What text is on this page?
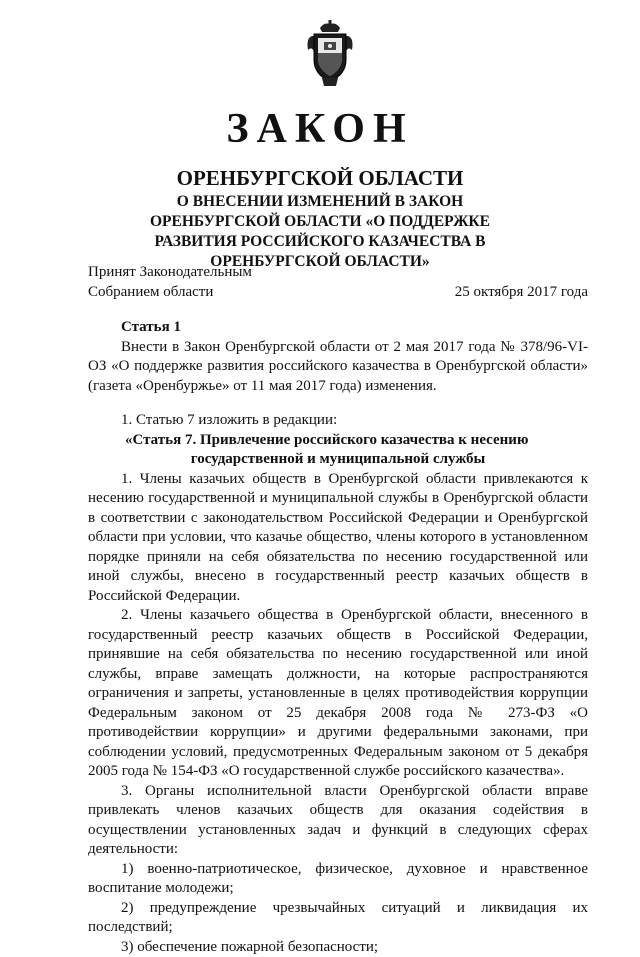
ЗАКОН
ОРЕНБУРГСКОЙ ОБЛАСТИ
О ВНЕСЕНИИ ИЗМЕНЕНИЙ В ЗАКОН ОРЕНБУРГСКОЙ ОБЛАСТИ «О ПОДДЕРЖКЕ РАЗВИТИЯ РОССИЙСКОГО КАЗАЧЕСТВА В ОРЕНБУРГСКОЙ ОБЛАСТИ»
Принят Законодательным
Собранием области	25 октября 2017 года

Статья 1

Внести в Закон Оренбургской области от 2 мая 2017 года № 378/96-VI-ОЗ «О поддержке развития российского казачества в Оренбургской области» (газета «Оренбуржье» от 11 мая 2017 года) изменения.

1. Статью 7 изложить в редакции:

«Статья 7. Привлечение российского казачества к несению

государственной и муниципальной службы

1. Члены казачьих обществ в Оренбургской области привлекаются к несению государственной и муниципальной службы в Оренбургской области в соответствии с законодательством Российской Федерации и Оренбургской области при условии, что казачье общество, члены которого в установленном порядке приняли на себя обязательства по несению государственной или иной службы, внесено в государственный реестр казачьих обществ в Российской Федерации.

2. Члены казачьего общества в Оренбургской области, внесенного в государственный реестр казачьих обществ в Российской Федерации, принявшие на себя обязательства по несению государственной или иной службы, вправе замещать должности, на которые распространяются ограничения и запреты, установленные в целях противодействия коррупции Федеральным законом от 25 декабря 2008 года № 273-ФЗ «О противодействии коррупции» и другими федеральными законами, при соблюдении условий, предусмотренных Федеральным законом от 5 декабря 2005 года № 154-ФЗ «О государственной службе российского казачества».

3. Органы исполнительной власти Оренбургской области вправе привлекать членов казачьих обществ для оказания содействия в осуществлении установленных задач и функций в следующих сферах деятельности:

1) военно-патриотическое, физическое, духовное и нравственное воспитание молодежи;

2) предупреждение чрезвычайных ситуаций и ликвидация их последствий;

3) обеспечение пожарной безопасности;
